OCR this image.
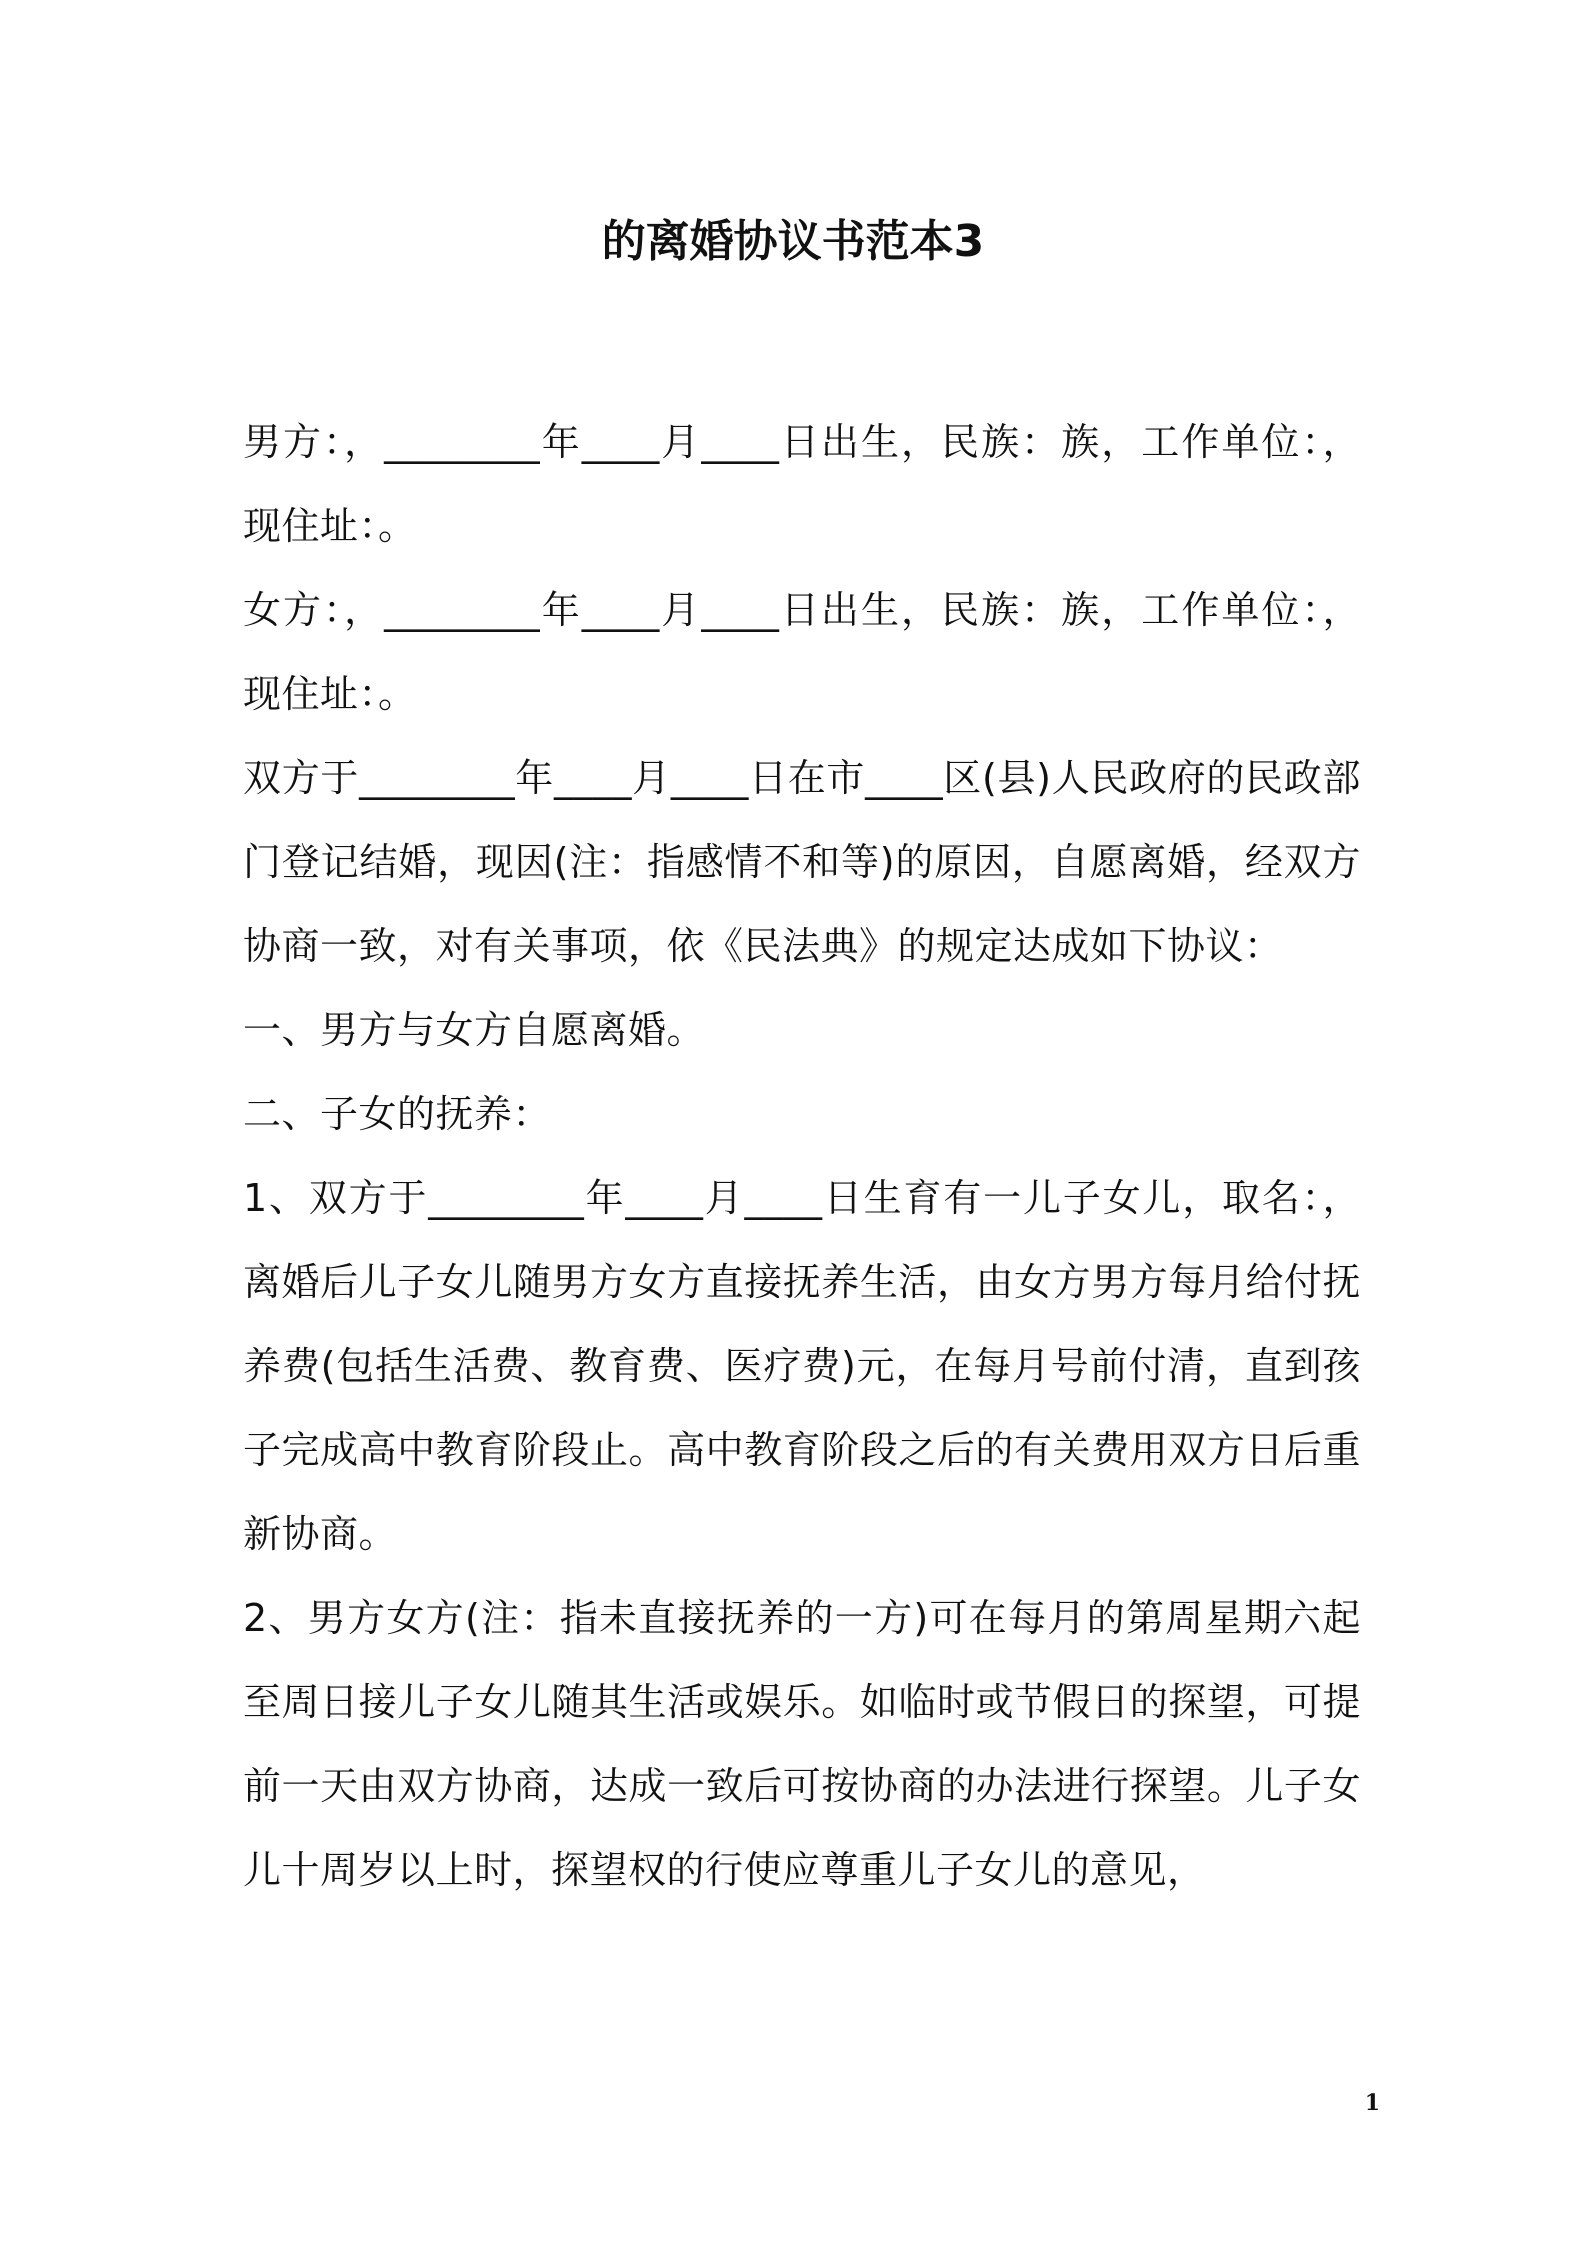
的离婚协议书范本3

男方：，________年____月____日出生，民族：族，工作单位：，现住址：。

女方：，________年____月____日出生，民族：族，工作单位：，现住址：。

双方于________年____月____日在市____区(县)人民政府的民政部门登记结婚，现因(注：指感情不和等)的原因，自愿离婚，经双方协商一致，对有关事项，依《民法典》的规定达成如下协议：

一、男方与女方自愿离婚。

二、子女的抚养：

1、双方于________年____月____日生育有一儿子女儿，取名：，离婚后儿子女儿随男方女方直接抚养生活，由女方男方每月给付抚养费(包括生活费、教育费、医疗费)元，在每月号前付清，直到孩子完成高中教育阶段止。高中教育阶段之后的有关费用双方日后重新协商。

2、男方女方(注：指未直接抚养的一方)可在每月的第周星期六起至周日接儿子女儿随其生活或娱乐。如临时或节假日的探望，可提前一天由双方协商，达成一致后可按协商的办法进行探望。儿子女儿十周岁以上时，探望权的行使应尊重儿子女儿的意见，

1
